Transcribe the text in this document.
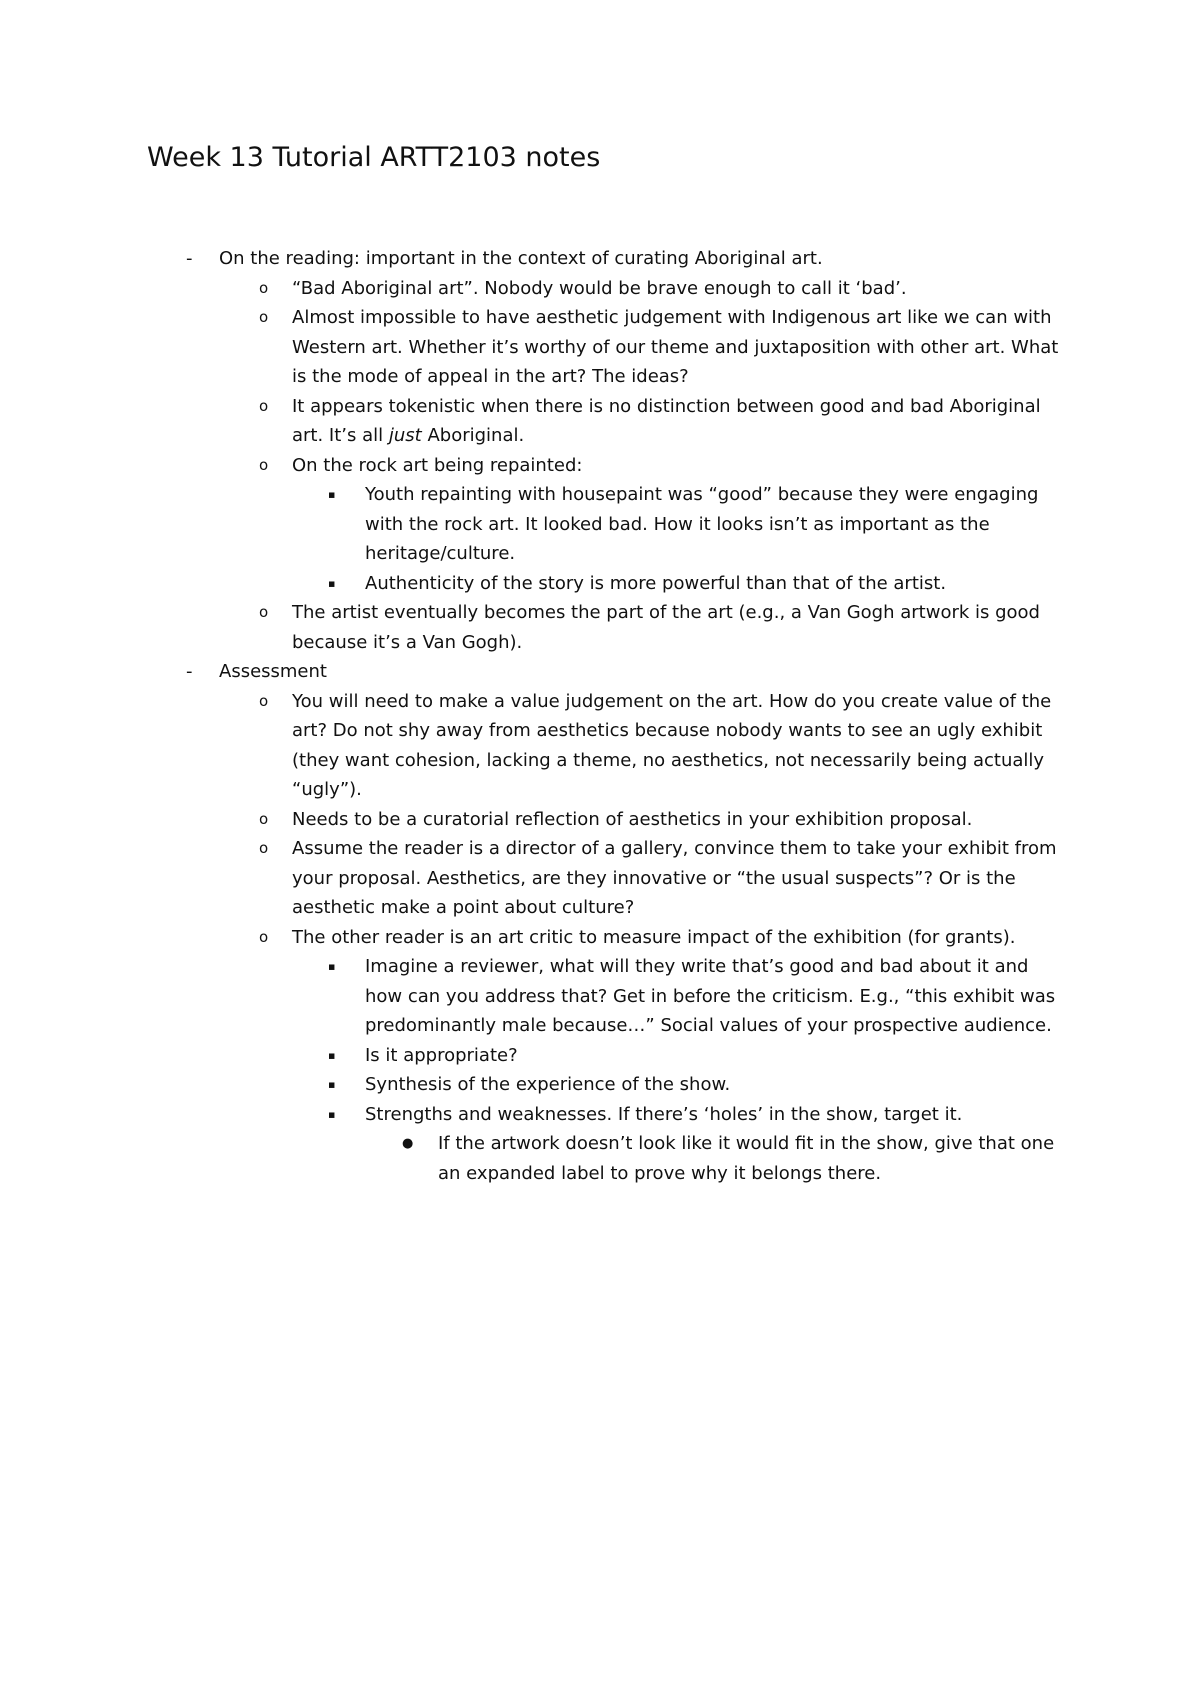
Week 13 Tutorial ARTT2103 notes
- On the reading: important in the context of curating Aboriginal art.
o “Bad Aboriginal art”. Nobody would be brave enough to call it ‘bad’.
o Almost impossible to have aesthetic judgement with Indigenous art like we can with Western art. Whether it’s worthy of our theme and juxtaposition with other art. What is the mode of appeal in the art? The ideas?
o It appears tokenistic when there is no distinction between good and bad Aboriginal art. It’s all just Aboriginal.
o On the rock art being repainted:
▪ Youth repainting with housepaint was “good” because they were engaging with the rock art. It looked bad. How it looks isn’t as important as the heritage/culture.
▪ Authenticity of the story is more powerful than that of the artist.
o The artist eventually becomes the part of the art (e.g., a Van Gogh artwork is good because it’s a Van Gogh).
- Assessment
o You will need to make a value judgement on the art. How do you create value of the art? Do not shy away from aesthetics because nobody wants to see an ugly exhibit (they want cohesion, lacking a theme, no aesthetics, not necessarily being actually “ugly”).
o Needs to be a curatorial reflection of aesthetics in your exhibition proposal.
o Assume the reader is a director of a gallery, convince them to take your exhibit from your proposal. Aesthetics, are they innovative or “the usual suspects”? Or is the aesthetic make a point about culture?
o The other reader is an art critic to measure impact of the exhibition (for grants).
▪ Imagine a reviewer, what will they write that’s good and bad about it and how can you address that? Get in before the criticism. E.g., “this exhibit was predominantly male because…” Social values of your prospective audience.
▪ Is it appropriate?
▪ Synthesis of the experience of the show.
▪ Strengths and weaknesses. If there’s ‘holes’ in the show, target it.
● If the artwork doesn’t look like it would fit in the show, give that one an expanded label to prove why it belongs there.
